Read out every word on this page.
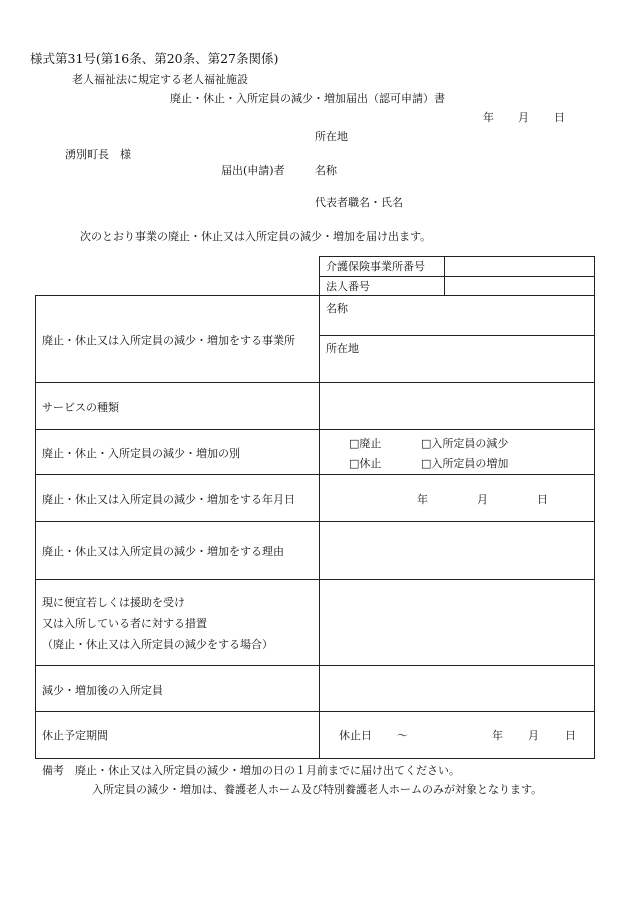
様式第31号(第16条、第20条、第27条関係)
老人福祉法に規定する老人福祉施設
廃止・休止・入所定員の減少・増加届出（認可申請）書
年 月 日
所在地
湧別町長　様
届出(申請)者	名称
代表者職名・氏名
次のとおり事業の廃止・休止又は入所定員の減少・増加を届け出ます。
介護保険事業所番号
法人番号
廃止・休止又は入所定員の減少・増加をする事業所
名称
所在地
サービスの種類
廃止・休止・入所定員の減少・増加の別
□廃止	□入所定員の減少
□休止	□入所定員の増加
廃止・休止又は入所定員の減少・増加をする年月日	年	月	日
廃止・休止又は入所定員の減少・増加をする理由
現に便宜若しくは援助を受け
又は入所している者に対する措置
（廃止・休止又は入所定員の減少をする場合）
減少・増加後の入所定員
休止予定期間	休止日 ～	年 月 日
備考　廃止・休止又は入所定員の減少・増加の日の１月前までに届け出てください。
入所定員の減少・増加は、養護老人ホーム及び特別養護老人ホームのみが対象となります。
